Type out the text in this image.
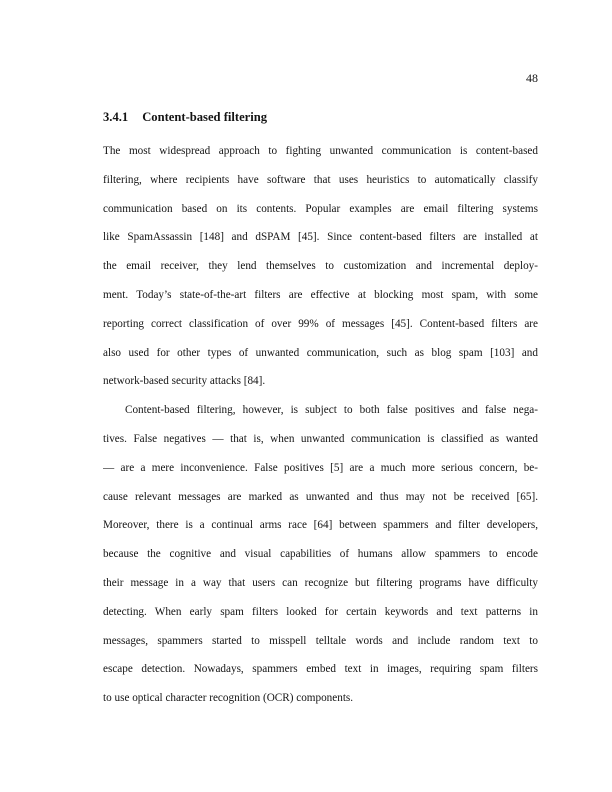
48
3.4.1 Content-based filtering
The most widespread approach to fighting unwanted communication is content-based
filtering, where recipients have software that uses heuristics to automatically classify
communication based on its contents. Popular examples are email filtering systems
like SpamAssassin [148] and dSPAM [45]. Since content-based filters are installed at
the email receiver, they lend themselves to customization and incremental deploy-
ment. Today’s state-of-the-art filters are effective at blocking most spam, with some
reporting correct classification of over 99% of messages [45]. Content-based filters are
also used for other types of unwanted communication, such as blog spam [103] and
network-based security attacks [84].
Content-based filtering, however, is subject to both false positives and false nega-
tives. False negatives — that is, when unwanted communication is classified as wanted
— are a mere inconvenience. False positives [5] are a much more serious concern, be-
cause relevant messages are marked as unwanted and thus may not be received [65].
Moreover, there is a continual arms race [64] between spammers and filter developers,
because the cognitive and visual capabilities of humans allow spammers to encode
their message in a way that users can recognize but filtering programs have difficulty
detecting. When early spam filters looked for certain keywords and text patterns in
messages, spammers started to misspell telltale words and include random text to
escape detection. Nowadays, spammers embed text in images, requiring spam filters
to use optical character recognition (OCR) components.
